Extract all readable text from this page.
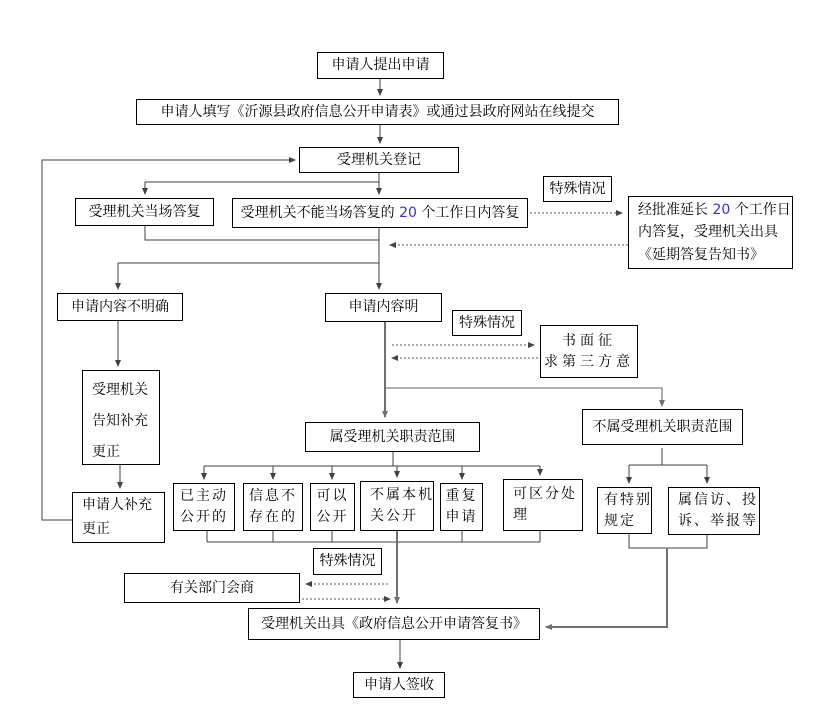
申请人提出申请
申请人填写《沂源县政府信息公开申请表》或通过县政府网站在线提交
受理机关登记
受理机关当场答复	受理机关不能当场答复的 20 个工作日内答复
特殊情况
经批准延长 20 个工作日
内答复，受理机关出具
《延期答复告知书》
申请内容不明确	申请内容明
特殊情况
书面征
求第三方意
受理机关
告知补充
更正
申请人补充
更正
属受理机关职责范围
不属受理机关职责范围
已主动
公开的
信息不
存在的
可以
公开
不属本机
关公开
重复
申请
可区分处
理
有特别
规定
属信访、投
诉、举报等
特殊情况
有关部门会商
受理机关出具《政府信息公开申请答复书》
申请人签收
